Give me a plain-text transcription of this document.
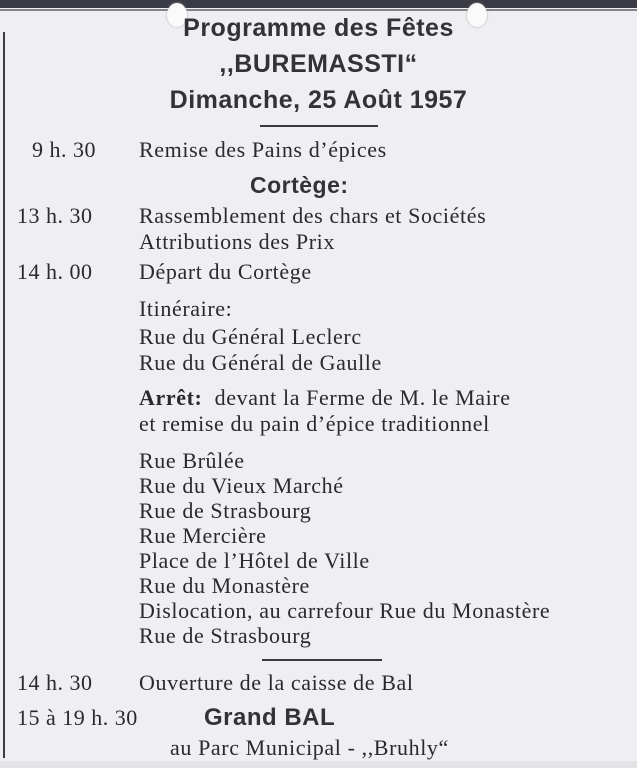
Programme des Fêtes
,,BUREMASSTI“
Dimanche, 25 Août 1957
9 h. 30 Remise des Pains d’épices
Cortège:
13 h. 30 Rassemblement des chars et Sociétés
Attributions des Prix
14 h. 00 Départ du Cortège
Itinéraire:
Rue du Général Leclerc
Rue du Général de Gaulle
Arrêt: devant la Ferme de M. le Maire
et remise du pain d’épice traditionnel
Rue Brûlée
Rue du Vieux Marché
Rue de Strasbourg
Rue Mercière
Place de l’Hôtel de Ville
Rue du Monastère
Dislocation, au carrefour Rue du Monastère
Rue de Strasbourg
14 h. 30 Ouverture de la caisse de Bal
15 à 19 h. 30	Grand BAL
au Parc Municipal - ,,Bruhly“
